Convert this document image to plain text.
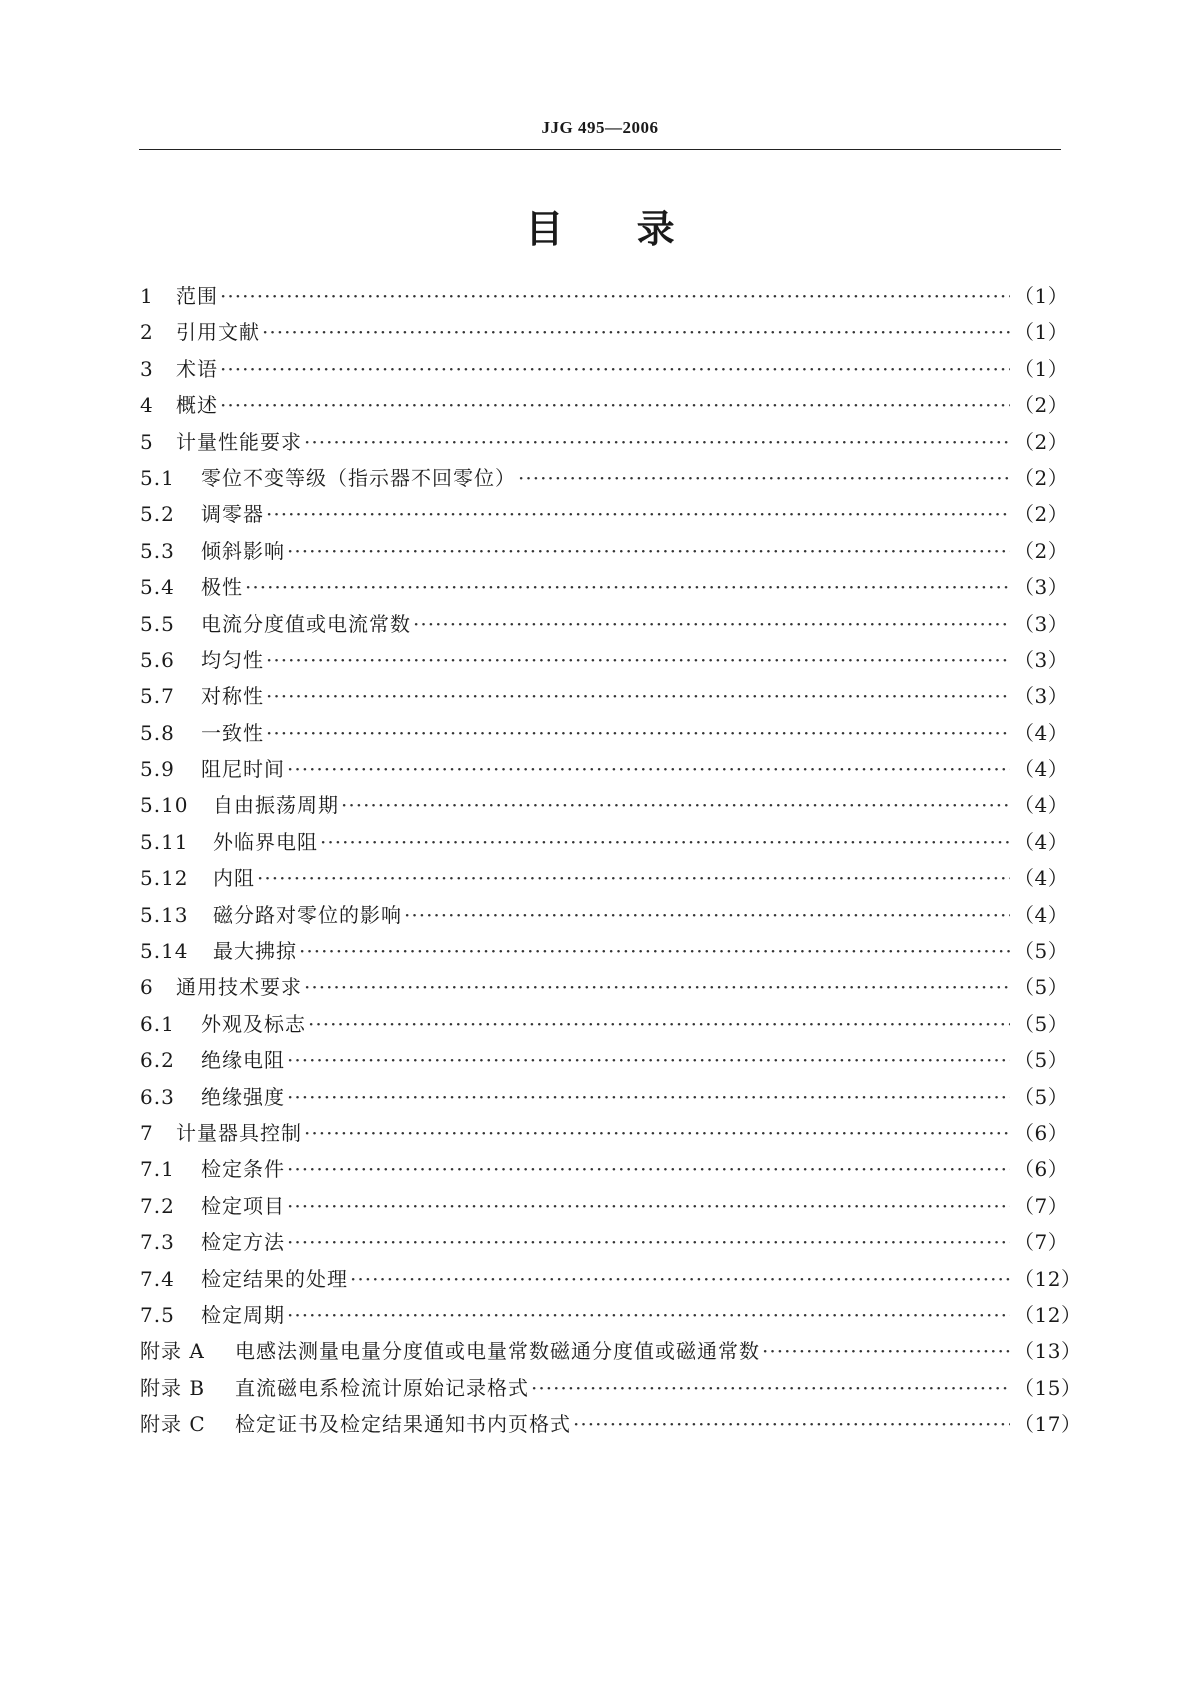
JJG 495—2006
目 录
1	范围 ·····	（1）
2	引用文献 ·····	（1）
3	术语 ·····	（1）
4	概述 ·····	（2）
5	计量性能要求 ·····	（2）
5.1	零位不变等级（指示器不回零位） ·····	（2）
5.2	调零器 ·····	（2）
5.3	倾斜影响 ·····	（2）
5.4	极性 ·····	（3）
5.5	电流分度值或电流常数 ·····	（3）
5.6	均匀性 ·····	（3）
5.7	对称性 ·····	（3）
5.8	一致性 ·····	（4）
5.9	阻尼时间 ·····	（4）
5.10	自由振荡周期 ·····	（4）
5.11	外临界电阻 ·····	（4）
5.12	内阻 ·····	（4）
5.13	磁分路对零位的影响 ·····	（4）
5.14	最大拂掠 ·····	（5）
6	通用技术要求 ·····	（5）
6.1	外观及标志 ·····	（5）
6.2	绝缘电阻 ·····	（5）
6.3	绝缘强度 ·····	（5）
7	计量器具控制 ·····	（6）
7.1	检定条件 ·····	（6）
7.2	检定项目 ·····	（7）
7.3	检定方法 ·····	（7）
7.4	检定结果的处理 ·····	（12）
7.5	检定周期 ·····	（12）
附录 A	电感法测量电量分度值或电量常数磁通分度值或磁通常数 ·····	（13）
附录 B	直流磁电系检流计原始记录格式 ·····	（15）
附录 C	检定证书及检定结果通知书内页格式 ·····	（17）
